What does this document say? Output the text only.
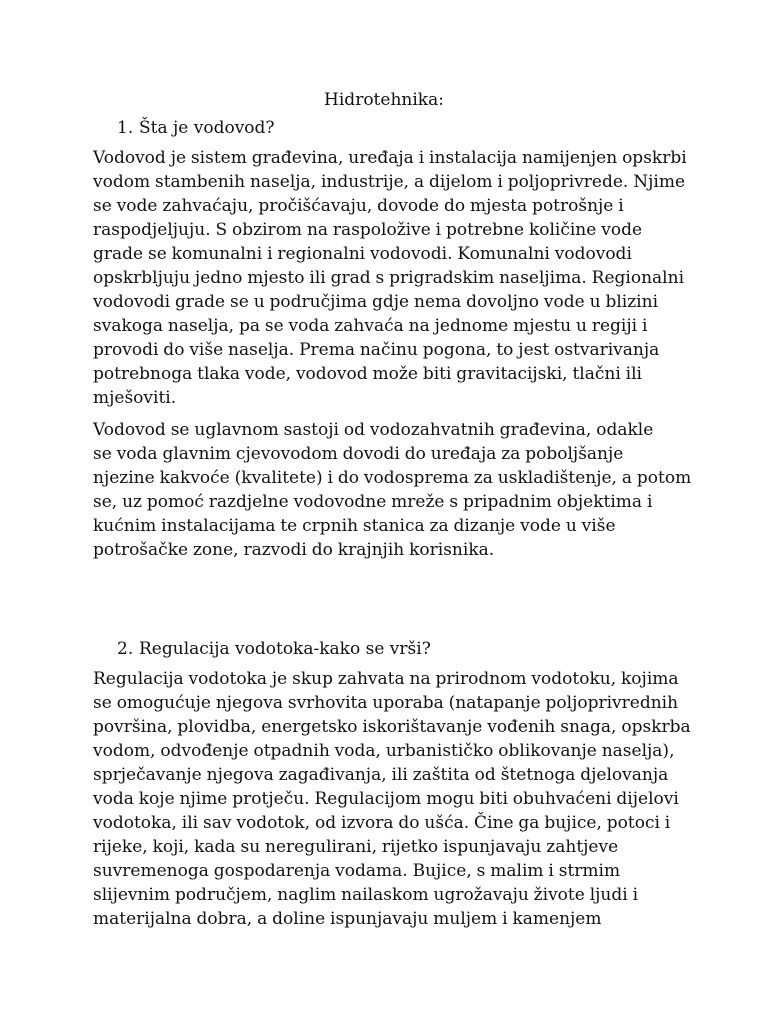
Hidrotehnika:
1. Šta je vodovod?
Vodovod je sistem građevina, uređaja i instalacija namijenjen opskrbi
vodom stambenih naselja, industrije, a dijelom i poljoprivrede. Njime
se vode zahvaćaju, pročišćavaju, dovode do mjesta potrošnje i
raspodjeljuju. S obzirom na raspoložive i potrebne količine vode
grade se komunalni i regionalni vodovodi. Komunalni vodovodi
opskrbljuju jedno mjesto ili grad s prigradskim naseljima. Regionalni
vodovodi grade se u područjima gdje nema dovoljno vode u blizini
svakoga naselja, pa se voda zahvaća na jednome mjestu u regiji i
provodi do više naselja. Prema načinu pogona, to jest ostvarivanja
potrebnoga tlaka vode, vodovod može biti gravitacijski, tlačni ili
mješoviti.
Vodovod se uglavnom sastoji od vodozahvatnih građevina, odakle
se voda glavnim cjevovodom dovodi do uređaja za poboljšanje
njezine kakvoće (kvalitete) i do vodosprema za uskladištenje, a potom
se, uz pomoć razdjelne vodovodne mreže s pripadnim objektima i
kućnim instalacijama te crpnih stanica za dizanje vode u više
potrošačke zone, razvodi do krajnjih korisnika.
2. Regulacija vodotoka-kako se vrši?
Regulacija vodotoka je skup zahvata na prirodnom vodotoku, kojima
se omogućuje njegova svrhovita uporaba (natapanje poljoprivrednih
površina, plovidba, energetsko iskorištavanje vođenih snaga, opskrba
vodom, odvođenje otpadnih voda, urbanističko oblikovanje naselja),
sprječavanje njegova zagađivanja, ili zaštita od štetnoga djelovanja
voda koje njime protječu. Regulacijom mogu biti obuhvaćeni dijelovi
vodotoka, ili sav vodotok, od izvora do ušća. Čine ga bujice, potoci i
rijeke, koji, kada su neregulirani, rijetko ispunjavaju zahtjeve
suvremenoga gospodarenja vodama. Bujice, s malim i strmim
slijevnim područjem, naglim nailaskom ugrožavaju živote ljudi i
materijalna dobra, a doline ispunjavaju muljem i kamenjem
